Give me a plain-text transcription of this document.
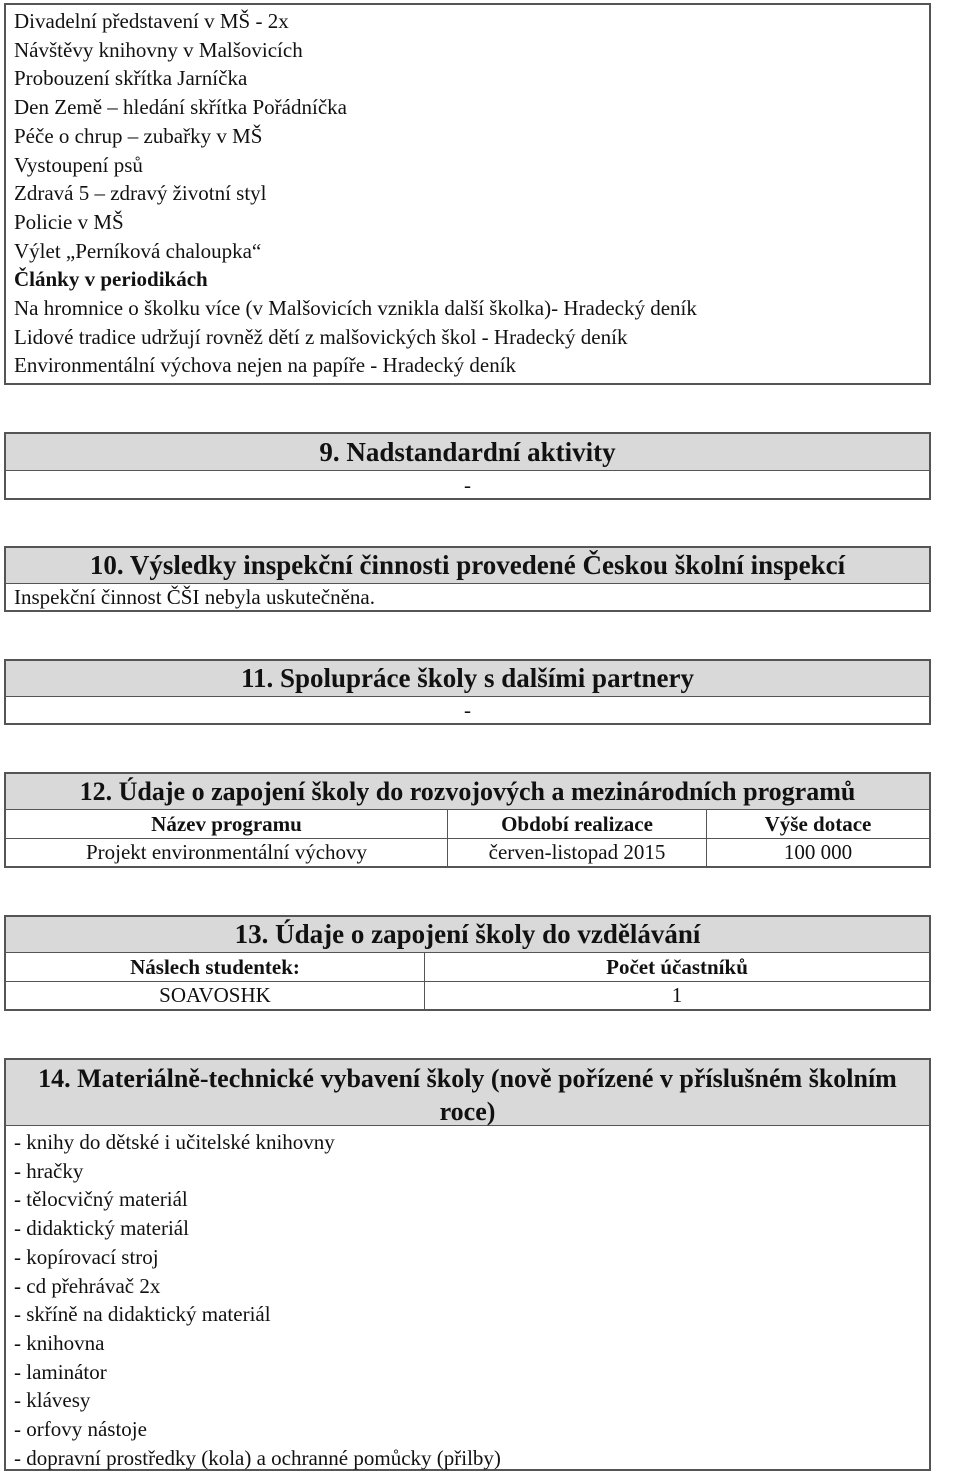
Divadelní představení v MŠ - 2x
Návštěvy knihovny v Malšovicích
Probouzení skřítka Jarníčka
Den Země – hledání skřítka Pořádníčka
Péče o chrup – zubařky v MŠ
Vystoupení psů
Zdravá 5 – zdravý životní styl
Policie v MŠ
Výlet „Perníková chaloupka“
Články v periodikách
Na hromnice o školku více (v Malšovicích vznikla další školka)- Hradecký deník
Lidové tradice udržují rovněž dětí z malšovických škol - Hradecký deník
Environmentální výchova nejen na papíře - Hradecký deník
9. Nadstandardní aktivity
-
10. Výsledky inspekční činnosti provedené Českou školní inspekcí
Inspekční činnost ČŠI nebyla uskutečněna.
11. Spolupráce školy s dalšími partnery
-
12. Údaje o zapojení školy do rozvojových a mezinárodních programů
Název programu	Období realizace	Výše dotace
Projekt environmentální výchovy	červen-listopad 2015	100 000
13. Údaje o zapojení školy do vzdělávání
Náslech studentek:	Počet účastníků
SOAVOSHK	1
14. Materiálně-technické vybavení školy (nově pořízené v příslušném školním roce)
- knihy do dětské i učitelské knihovny
- hračky
- tělocvičný materiál
- didaktický materiál
- kopírovací stroj
- cd přehrávač 2x
- skříně na didaktický materiál
- knihovna
- laminátor
- klávesy
- orfovy nástoje
- dopravní prostředky (kola) a ochranné pomůcky (přilby)
